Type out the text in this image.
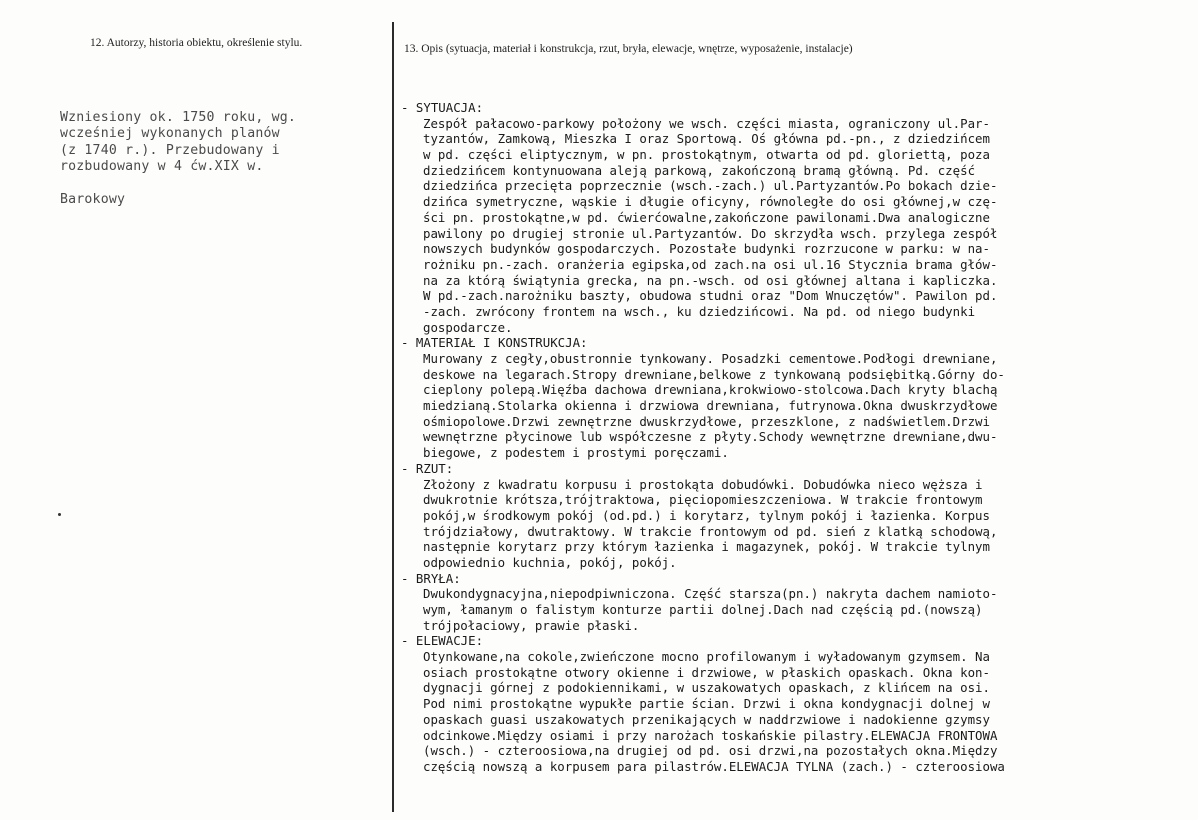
12. Autorzy, historia obiektu, określenie stylu.	13. Opis (sytuacja, materiał i konstrukcja, rzut, bryła, elewacje, wnętrze, wyposażenie, instalacje)
Wzniesiony ok. 1750 roku, wg.
wcześniej wykonanych planów
(z 1740 r.). Przebudowany i
rozbudowany w 4 ćw.XIX w.
Barokowy
- SYTUACJA:
Zespół pałacowo-parkowy położony we wsch. części miasta, ograniczony ul.Par-
tyzantów, Zamkową, Mieszka I oraz Sportową. Oś główna pd.-pn., z dziedzińcem
w pd. części eliptycznym, w pn. prostokątnym, otwarta od pd. gloriettą, poza
dziedzińcem kontynuowana aleją parkową, zakończoną bramą główną. Pd. część
dziedzińca przecięta poprzecznie (wsch.-zach.) ul.Partyzantów.Po bokach dzie-
dzińca symetryczne, wąskie i długie oficyny, równoległe do osi głównej,w czę-
ści pn. prostokątne,w pd. ćwierćowalne,zakończone pawilonami.Dwa analogiczne
pawilony po drugiej stronie ul.Partyzantów. Do skrzydła wsch. przylega zespół
nowszych budynków gospodarczych. Pozostałe budynki rozrzucone w parku: w na-
rożniku pn.-zach. oranżeria egipska,od zach.na osi ul.16 Stycznia brama głów-
na za którą świątynia grecka, na pn.-wsch. od osi głównej altana i kapliczka.
W pd.-zach.narożniku baszty, obudowa studni oraz "Dom Wnuczętów". Pawilon pd.
-zach. zwrócony frontem na wsch., ku dziedzińcowi. Na pd. od niego budynki
gospodarcze.
- MATERIAŁ I KONSTRUKCJA:
Murowany z cegły,obustronnie tynkowany. Posadzki cementowe.Podłogi drewniane,
deskowe na legarach.Stropy drewniane,belkowe z tynkowaną podsiębitką.Górny do-
cieplony polepą.Więźba dachowa drewniana,krokwiowo-stolcowa.Dach kryty blachą
miedzianą.Stolarka okienna i drzwiowa drewniana, futrynowa.Okna dwuskrzydłowe
ośmiopolowe.Drzwi zewnętrzne dwuskrzydłowe, przeszklone, z nadświetlem.Drzwi
wewnętrzne płycinowe lub współczesne z płyty.Schody wewnętrzne drewniane,dwu-
biegowe, z podestem i prostymi poręczami.
- RZUT:
Złożony z kwadratu korpusu i prostokąta dobudówki. Dobudówka nieco węższa i
dwukrotnie krótsza,trójtraktowa, pięciopomieszczeniowa. W trakcie frontowym
pokój,w środkowym pokój (od.pd.) i korytarz, tylnym pokój i łazienka. Korpus
trójdziałowy, dwutraktowy. W trakcie frontowym od pd. sień z klatką schodową,
następnie korytarz przy którym łazienka i magazynek, pokój. W trakcie tylnym
odpowiednio kuchnia, pokój, pokój.
- BRYŁA:
Dwukondygnacyjna,niepodpiwniczona. Część starsza(pn.) nakryta dachem namioto-
wym, łamanym o falistym konturze partii dolnej.Dach nad częścią pd.(nowszą)
trójpołaciowy, prawie płaski.
- ELEWACJE:
Otynkowane,na cokole,zwieńczone mocno profilowanym i wyładowanym gzymsem. Na
osiach prostokątne otwory okienne i drzwiowe, w płaskich opaskach. Okna kon-
dygnacji górnej z podokiennikami, w uszakowatych opaskach, z klińcem na osi.
Pod nimi prostokątne wypukłe partie ścian. Drzwi i okna kondygnacji dolnej w
opaskach guasi uszakowatych przenikających w naddrzwiowe i nadokienne gzymsy
odcinkowe.Między osiami i przy narożach toskańskie pilastry.ELEWACJA FRONTOWA
(wsch.) - czteroosiowa,na drugiej od pd. osi drzwi,na pozostałych okna.Między
częścią nowszą a korpusem para pilastrów.ELEWACJA TYLNA (zach.) - czteroosiowa
